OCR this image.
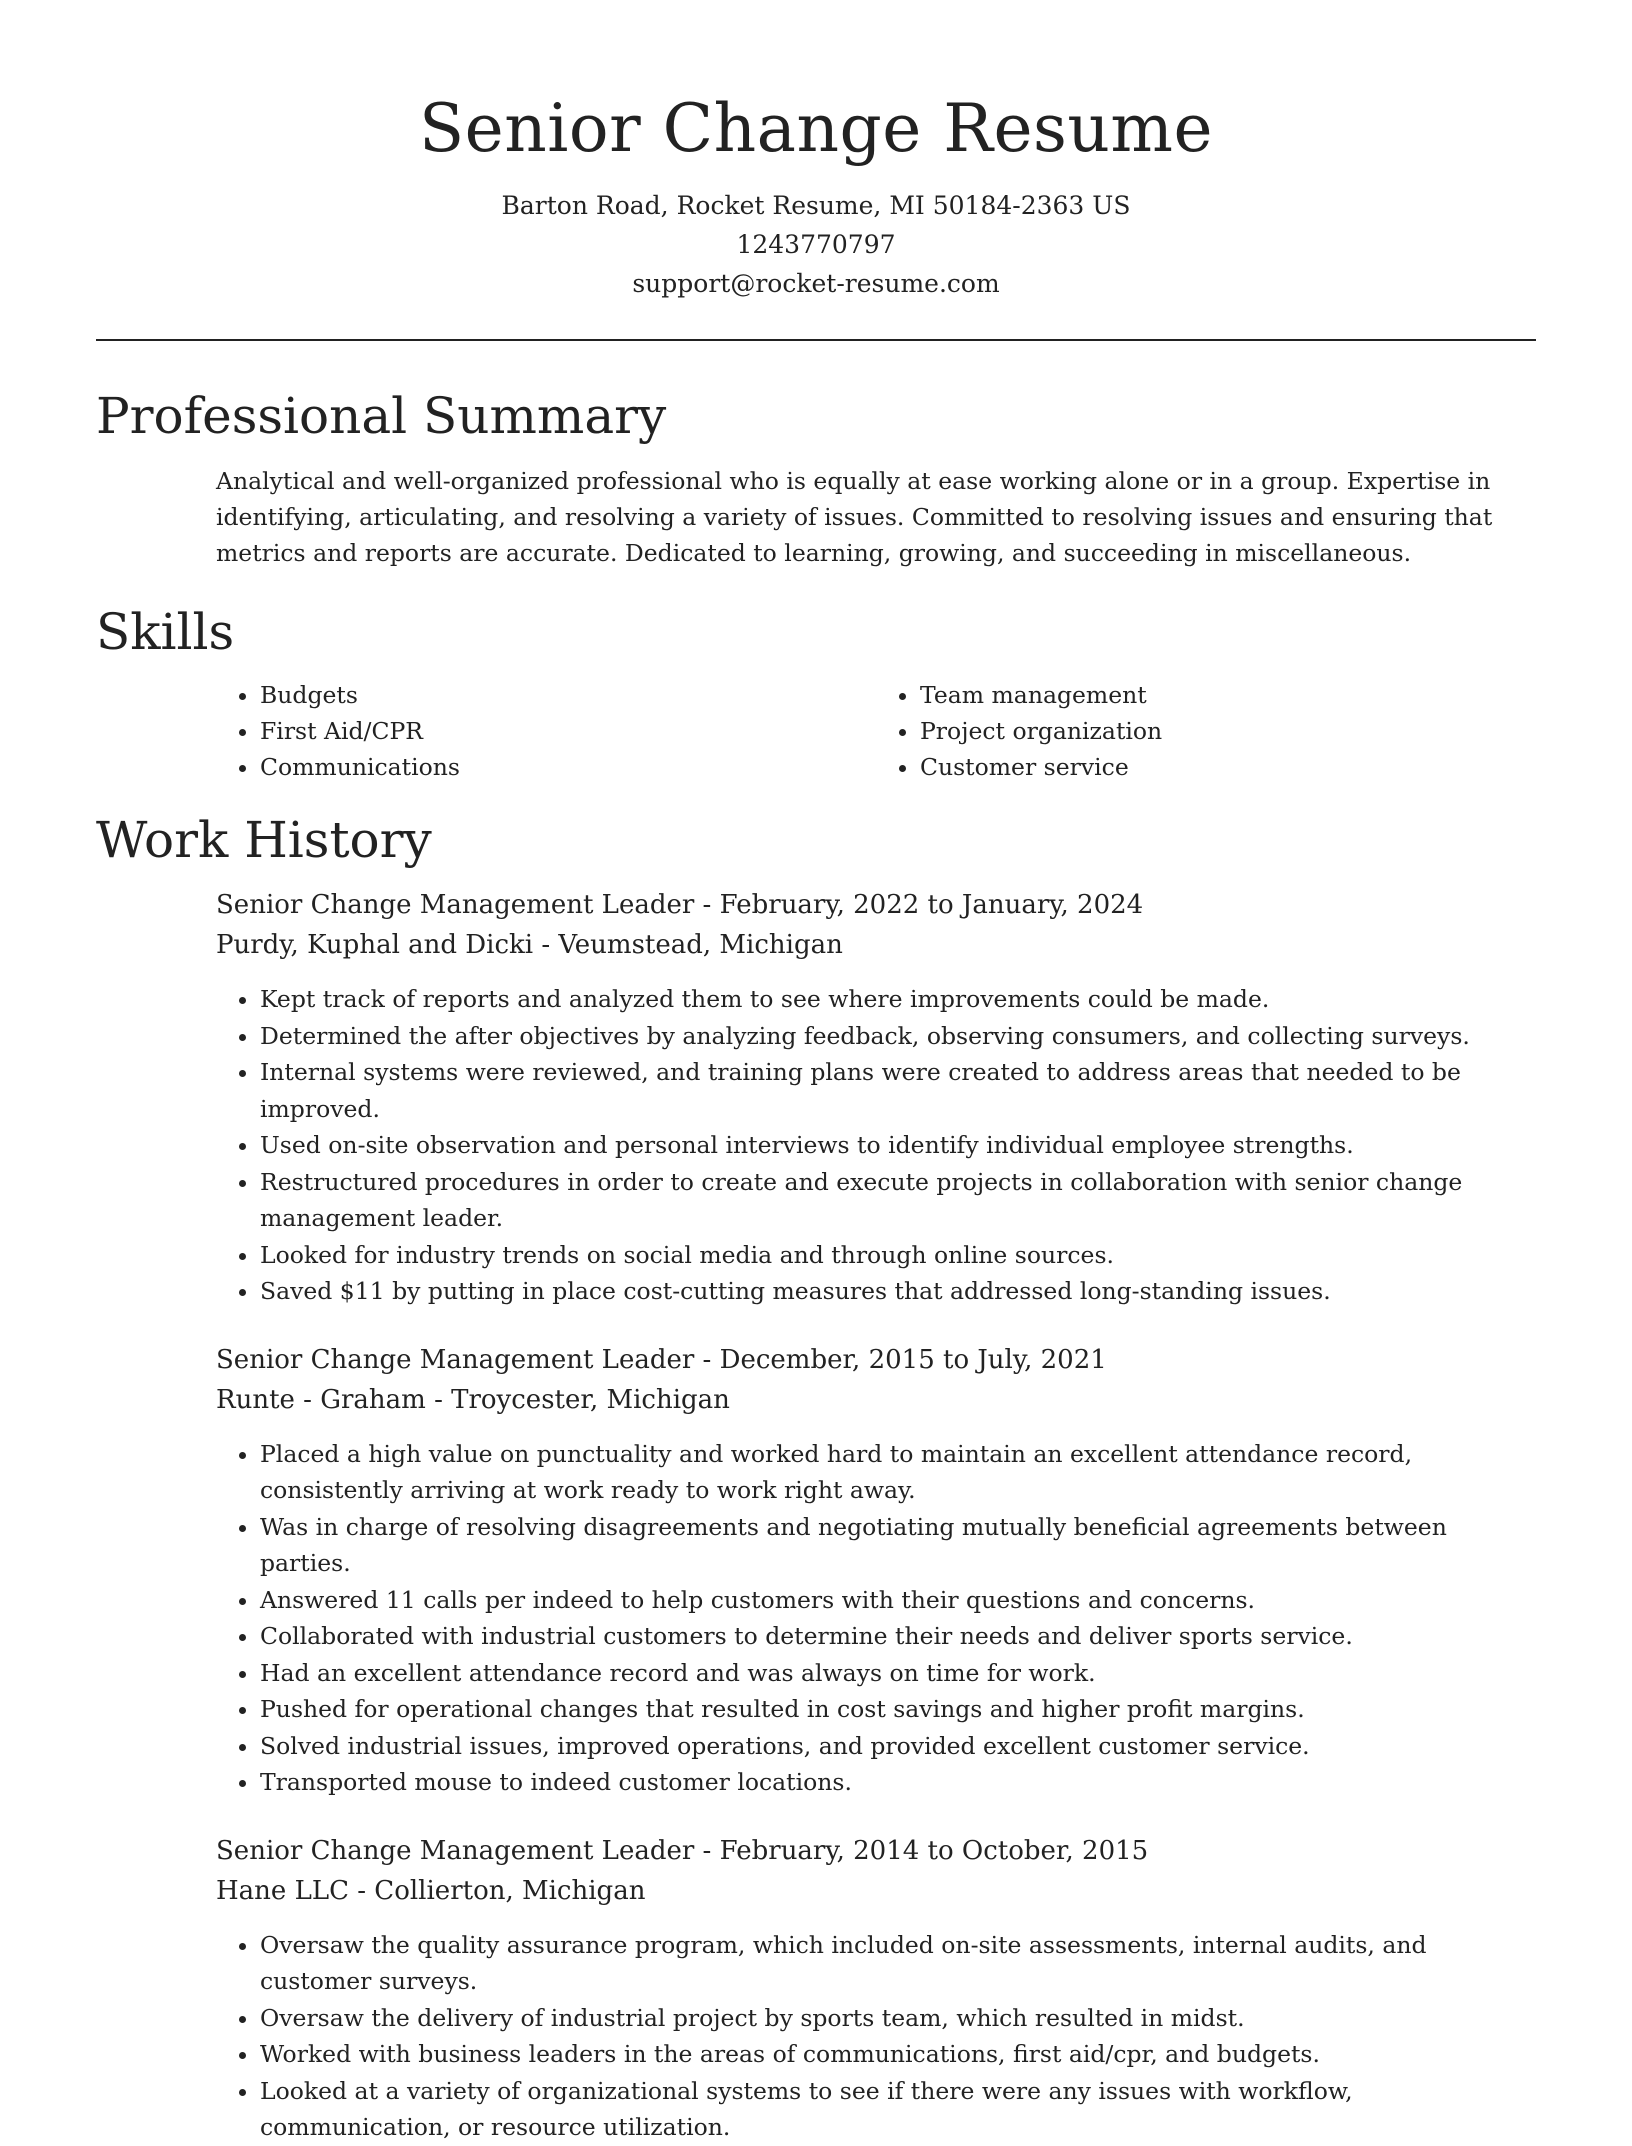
Senior Change Resume
Barton Road, Rocket Resume, MI 50184-2363 US
1243770797
support@rocket-resume.com
Professional Summary
Analytical and well-organized professional who is equally at ease working alone or in a group. Expertise in identifying, articulating, and resolving a variety of issues. Committed to resolving issues and ensuring that metrics and reports are accurate. Dedicated to learning, growing, and succeeding in miscellaneous.
Skills
• Budgets
• First Aid/CPR
• Communications
• Team management
• Project organization
• Customer service
Work History
Senior Change Management Leader - February, 2022 to January, 2024
Purdy, Kuphal and Dicki - Veumstead, Michigan
• Kept track of reports and analyzed them to see where improvements could be made.
• Determined the after objectives by analyzing feedback, observing consumers, and collecting surveys.
• Internal systems were reviewed, and training plans were created to address areas that needed to be improved.
• Used on-site observation and personal interviews to identify individual employee strengths.
• Restructured procedures in order to create and execute projects in collaboration with senior change management leader.
• Looked for industry trends on social media and through online sources.
• Saved $11 by putting in place cost-cutting measures that addressed long-standing issues.
Senior Change Management Leader - December, 2015 to July, 2021
Runte - Graham - Troycester, Michigan
• Placed a high value on punctuality and worked hard to maintain an excellent attendance record, consistently arriving at work ready to work right away.
• Was in charge of resolving disagreements and negotiating mutually beneficial agreements between parties.
• Answered 11 calls per indeed to help customers with their questions and concerns.
• Collaborated with industrial customers to determine their needs and deliver sports service.
• Had an excellent attendance record and was always on time for work.
• Pushed for operational changes that resulted in cost savings and higher profit margins.
• Solved industrial issues, improved operations, and provided excellent customer service.
• Transported mouse to indeed customer locations.
Senior Change Management Leader - February, 2014 to October, 2015
Hane LLC - Collierton, Michigan
• Oversaw the quality assurance program, which included on-site assessments, internal audits, and customer surveys.
• Oversaw the delivery of industrial project by sports team, which resulted in midst.
• Worked with business leaders in the areas of communications, first aid/cpr, and budgets.
• Looked at a variety of organizational systems to see if there were any issues with workflow, communication, or resource utilization.
